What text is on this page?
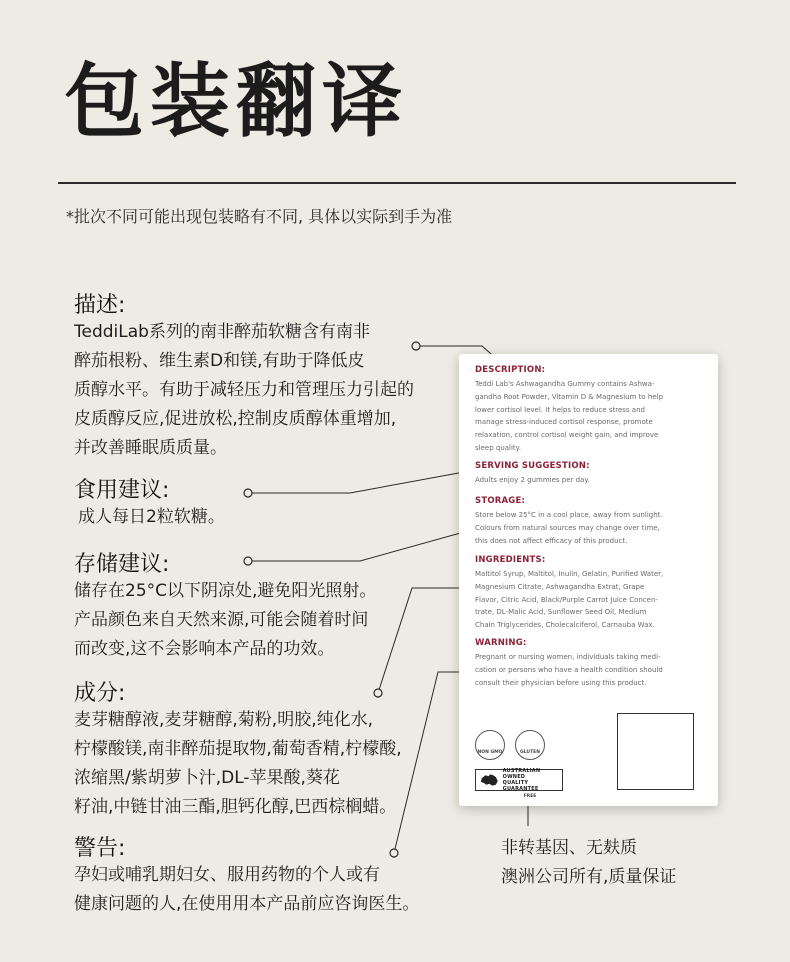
包装翻译
*批次不同可能出现包装略有不同, 具体以实际到手为准
描述:
TeddiLab系列的南非醉茄软糖含有南非
醉茄根粉、维生素D和镁,有助于降低皮
质醇水平。有助于减轻压力和管理压力引起的
皮质醇反应,促进放松,控制皮质醇体重增加,
并改善睡眠质质量。
食用建议:
成人每日2粒软糖。
存储建议:
储存在25°C以下阴凉处,避免阳光照射。
产品颜色来自天然来源,可能会随着时间
而改变,这不会影响本产品的功效。
成分:
麦芽糖醇液,麦芽糖醇,菊粉,明胶,纯化水,
柠檬酸镁,南非醉茄提取物,葡萄香精,柠檬酸,
浓缩黑/紫胡萝卜汁,DL-苹果酸,葵花
籽油,中链甘油三酯,胆钙化醇,巴西棕榈蜡。
警告:
孕妇或哺乳期妇女、服用药物的个人或有
健康问题的人,在使用用本产品前应咨询医生。
DESCRIPTION:
Teddi Lab's Ashwagandha Gummy contains Ashwa-
gandha Root Powder, Vitamin D & Magnesium to help
lower cortisol level. It helps to reduce stress and
manage stress-induced cortisol response, promote
relaxation, control cortisol weight gain, and improve
sleep quality.
SERVING SUGGESTION:
Adults enjoy 2 gummies per day.
STORAGE:
Store below 25°C in a cool place, away from sunlight.
Colours from natural sources may change over time,
this does not affect efficacy of this product.
INGREDIENTS:
Maltitol Syrup, Maltitol, Inulin, Gelatin, Purified Water,
Magnesium Citrate, Ashwagandha Extrat, Grape
Flavor, Citric Acid, Black/Purple Carrot Juice Concen-
trate, DL-Malic Acid, Sunflower Seed Oil, Medium
Chain Triglycerides, Cholecalciferol, Carnauba Wax.
WARNING:
Pregnant or nursing women, individuals taking medi-
cation or persons who have a health condition should
consult their physician before using this product.
NON GMO	GLUTEN FREE
AUSTRALIAN OWNED
QUALITY GUARANTEE
非转基因、无麸质
澳洲公司所有,质量保证
